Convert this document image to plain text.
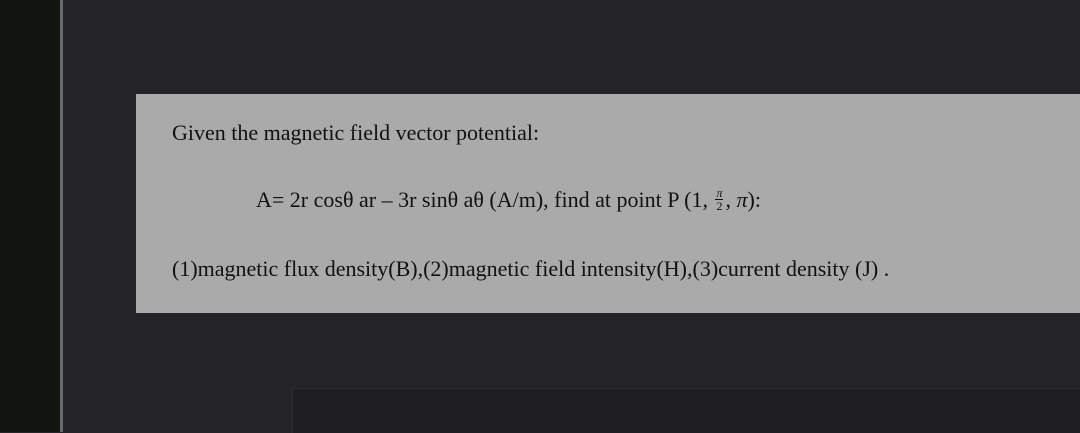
Given the magnetic field vector potential:
A= 2r cosθ ar – 3r sinθ aθ (A/m), find at point P (1, $\frac{\pi}{2}$ , π):
(1)magnetic flux density(B),(2)magnetic field intensity(H),(3)current density (J) .
